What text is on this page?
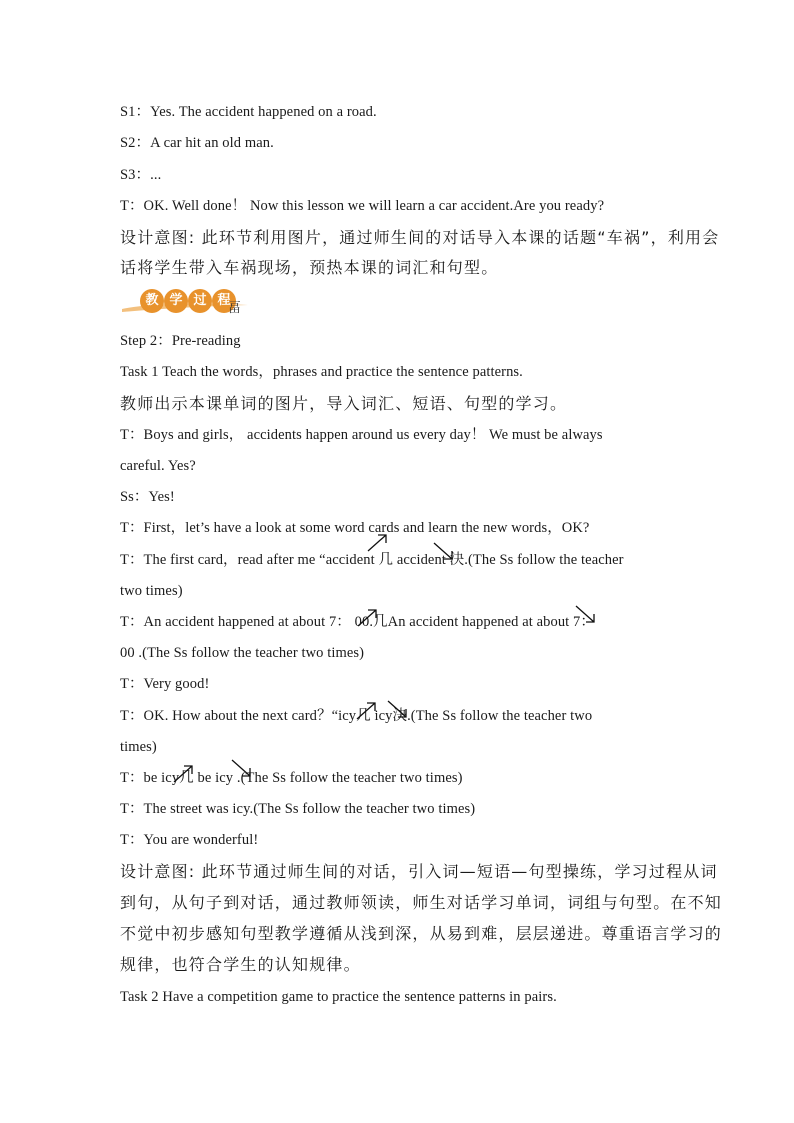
S1：Yes. The accident happened on a road.
S2：A car hit an old man.
S3：...
T：OK. Well done！ Now this lesson we will learn a car accident.Are you ready?
设计意图: 此环节利用图片，通过师生间的对话导入本课的话题“车祸”，利用会
话将学生带入车祸现场，预热本课的词汇和句型。
教 学 过 程
畐
Step 2：Pre-reading
Task 1 Teach the words，phrases and practice the sentence patterns.
教师出示本课单词的图片，导入词汇、短语、句型的学习。
T：Boys and girls， accidents happen around us every day！ We must be always
careful. Yes?
Ss：Yes!
T：First，let’s have a look at some word cards and learn the new words，OK?
T：The first card，read after me “accident 几 accident 決.(The Ss follow the teacher
two times)
T：An accident happened at about 7： 00.几An accident happened at about 7：
00 .(The Ss follow the teacher two times)
T：Very good!
T：OK. How about the next card？“icy几 icy決.(The Ss follow the teacher two
times)
T：be icy几 be icy .(The Ss follow the teacher two times)
T：The street was icy.(The Ss follow the teacher two times)
T：You are wonderful!
设计意图: 此环节通过师生间的对话，引入词—短语—句型操练，学习过程从词
到句，从句子到对话，通过教师领读，师生对话学习单词，词组与句型。在不知
不觉中初步感知句型教学遵循从浅到深，从易到难，层层递进。尊重语言学习的
规律，也符合学生的认知规律。
Task 2 Have a competition game to practice the sentence patterns in pairs.
